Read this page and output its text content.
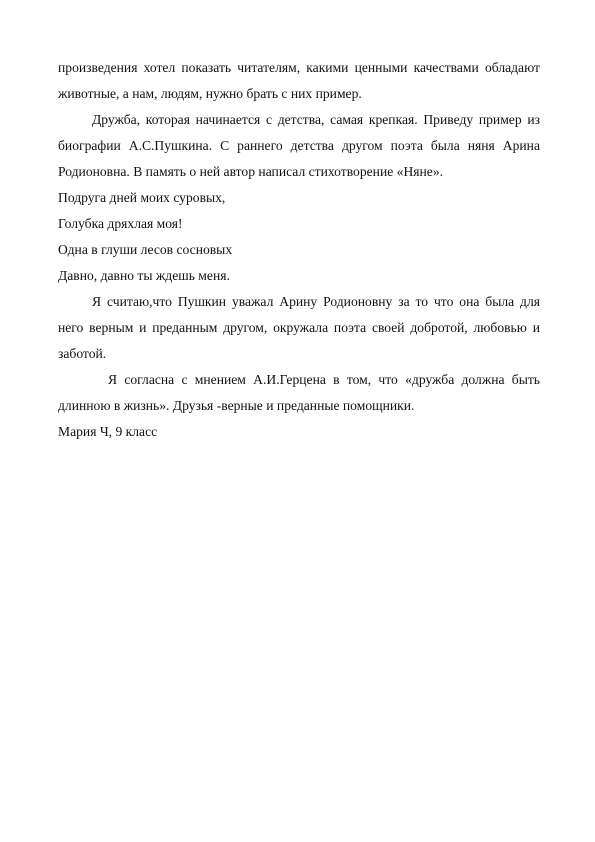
произведения хотел показать читателям, какими ценными качествами обладают животные, а нам, людям, нужно брать с них пример.

Дружба, которая начинается с детства, самая крепкая. Приведу пример из биографии А.С.Пушкина. С раннего детства другом поэта была няня Арина Родионовна. В память о ней автор написал стихотворение «Няне».

Подруга дней моих суровых,

Голубка дряхлая моя!

Одна в глуши лесов сосновых

Давно, давно ты ждешь меня.

Я считаю,что Пушкин уважал Арину Родионовну за то что она была для него верным и преданным другом, окружала поэта своей добротой, любовью и заботой.

Я согласна с мнением А.И.Герцена в том, что «дружба должна быть длинною в жизнь». Друзья -верные и преданные помощники.

Мария Ч, 9 класс
